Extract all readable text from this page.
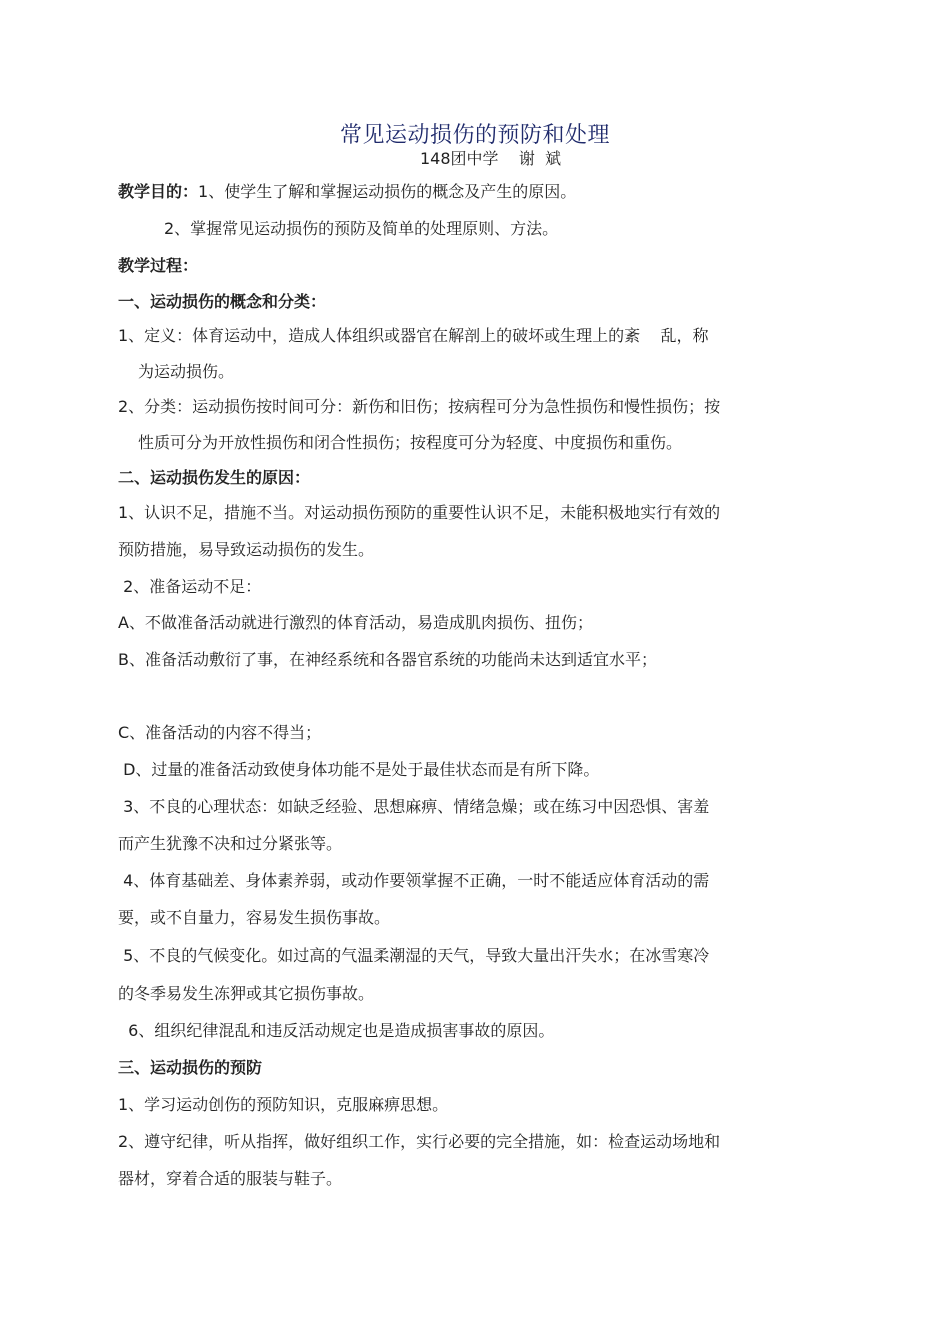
常见运动损伤的预防和处理
148团中学    谢  斌
教学目的：1、使学生了解和掌握运动损伤的概念及产生的原因。
2、掌握常见运动损伤的预防及简单的处理原则、方法。
教学过程：
一、运动损伤的概念和分类：
1、定义：体育运动中，造成人体组织或器官在解剖上的破坏或生理上的紊    乱，称
为运动损伤。
2、分类：运动损伤按时间可分：新伤和旧伤；按病程可分为急性损伤和慢性损伤；按
性质可分为开放性损伤和闭合性损伤；按程度可分为轻度、中度损伤和重伤。
二、运动损伤发生的原因：
1、认识不足，措施不当。对运动损伤预防的重要性认识不足，未能积极地实行有效的
预防措施，易导致运动损伤的发生。
2、准备运动不足：
A、不做准备活动就进行激烈的体育活动，易造成肌肉损伤、扭伤；
B、准备活动敷衍了事，在神经系统和各器官系统的功能尚未达到适宜水平；
C、准备活动的内容不得当；
D、过量的准备活动致使身体功能不是处于最佳状态而是有所下降。
3、不良的心理状态：如缺乏经验、思想麻痹、情绪急燥；或在练习中因恐惧、害羞
而产生犹豫不决和过分紧张等。
4、体育基础差、身体素养弱，或动作要领掌握不正确，一时不能适应体育活动的需
要，或不自量力，容易发生损伤事故。
5、不良的气候变化。如过高的气温柔潮湿的天气，导致大量出汗失水；在冰雪寒冷
的冬季易发生冻狎或其它损伤事故。
6、组织纪律混乱和违反活动规定也是造成损害事故的原因。
三、运动损伤的预防
1、学习运动创伤的预防知识，克服麻痹思想。
2、遵守纪律，听从指挥，做好组织工作，实行必要的完全措施，如：检查运动场地和
器材，穿着合适的服装与鞋子。
